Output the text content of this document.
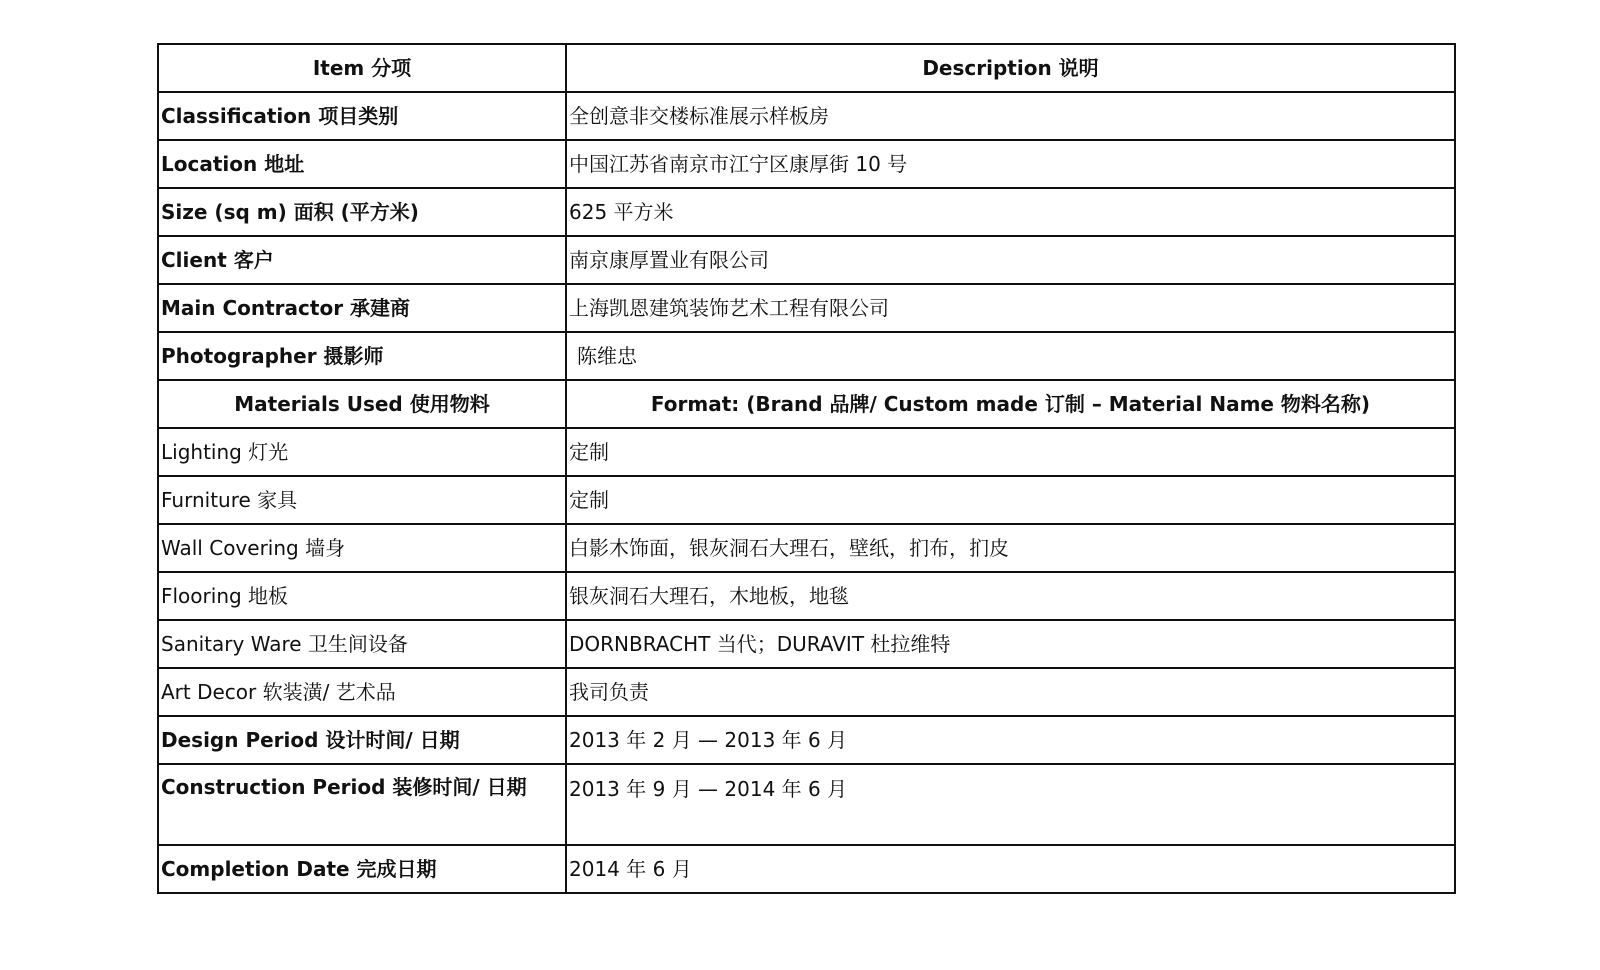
Item 分项	Description 说明
Classification 项目类别	全创意非交楼标准展示样板房
Location 地址	中国江苏省南京市江宁区康厚街 10 号
Size (sq m) 面积 (平方米)	625 平方米
Client 客户	南京康厚置业有限公司
Main Contractor 承建商	上海凯恩建筑装饰艺术工程有限公司
Photographer 摄影师	陈维忠
Materials Used 使用物料	Format: (Brand 品牌/ Custom made 订制 – Material Name 物料名称)
Lighting 灯光	定制
Furniture 家具	定制
Wall Covering 墙身	白影木饰面，银灰洞石大理石，壁纸，扪布，扪皮
Flooring 地板	银灰洞石大理石，木地板，地毯
Sanitary Ware 卫生间设备	DORNBRACHT 当代；DURAVIT 杜拉维特
Art Decor 软装潢/ 艺术品	我司负责
Design Period 设计时间/ 日期	2013 年 2 月 — 2013 年 6 月
Construction Period 装修时间/ 日期	2013 年 9 月 — 2014 年 6 月
Completion Date 完成日期	2014 年 6 月
